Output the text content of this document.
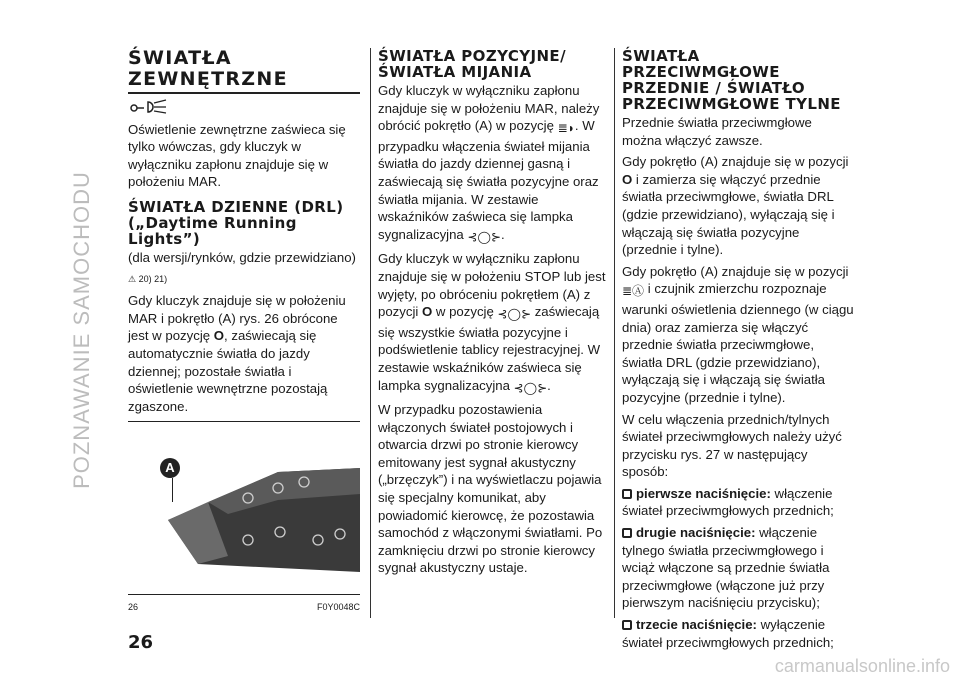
POZNAWANIE SAMOCHODU
ŚWIATŁA ZEWNĘTRZNE

Oświetlenie zewnętrzne zaświeca się tylko wówczas, gdy kluczyk w wyłączniku zapłonu znajduje się w położeniu MAR.

ŚWIATŁA DZIENNE (DRL) („Daytime Running Lights”)

(dla wersji/rynków, gdzie przewidziano)

⚠ 20) 21)

Gdy kluczyk znajduje się w położeniu MAR i pokrętło (A) rys. 26 obrócone jest w pozycję O, zaświecają się automatycznie światła do jazdy dziennej; pozostałe światła i oświetlenie wewnętrzne pozostają zgaszone.

A
26	F0Y0048C
ŚWIATŁA POZYCYJNE/ŚWIATŁA MIJANIA

Gdy kluczyk w wyłączniku zapłonu znajduje się w położeniu MAR, należy obrócić pokrętło (A) w pozycję ≣◗. W przypadku włączenia świateł mijania światła do jazdy dziennej gasną i zaświecają się światła pozycyjne oraz światła mijania. W zestawie wskaźników zaświeca się lampka sygnalizacyjna ⊰◯⊱.

Gdy kluczyk w wyłączniku zapłonu znajduje się w położeniu STOP lub jest wyjęty, po obróceniu pokrętłem (A) z pozycji O w pozycję ⊰◯⊱ zaświecają się wszystkie światła pozycyjne i podświetlenie tablicy rejestracyjnej. W zestawie wskaźników zaświeca się lampka sygnalizacyjna ⊰◯⊱.

W przypadku pozostawienia włączonych świateł postojowych i otwarcia drzwi po stronie kierowcy emitowany jest sygnał akustyczny („brzęczyk”) i na wyświetlaczu pojawia się specjalny komunikat, aby powiadomić kierowcę, że pozostawia samochód z włączonymi światłami. Po zamknięciu drzwi po stronie kierowcy sygnał akustyczny ustaje.

ŚWIATŁA PRZECIWMGŁOWE PRZEDNIE / ŚWIATŁO PRZECIWMGŁOWE TYLNE

Przednie światła przeciwmgłowe można włączyć zawsze.

Gdy pokrętło (A) znajduje się w pozycji O i zamierza się włączyć przednie światła przeciwmgłowe, światła DRL (gdzie przewidziano), wyłączają się i włączają się światła pozycyjne (przednie i tylne).

Gdy pokrętło (A) znajduje się w pozycji ≣Ⓐ i czujnik zmierzchu rozpoznaje warunki oświetlenia dziennego (w ciągu dnia) oraz zamierza się włączyć przednie światła przeciwmgłowe, światła DRL (gdzie przewidziano), wyłączają się i włączają się światła pozycyjne (przednie i tylne).

W celu włączenia przednich/tylnych świateł przeciwmgłowych należy użyć przycisku rys. 27 w następujący sposób:

pierwsze naciśnięcie: włączenie świateł przeciwmgłowych przednich;

drugie naciśnięcie: włączenie tylnego światła przeciwmgłowego i wciąż włączone są przednie światła przeciwmgłowe (włączone już przy pierwszym naciśnięciu przycisku);

trzecie naciśnięcie: wyłączenie świateł przeciwmgłowych przednich;

26
carmanualsonline.info
